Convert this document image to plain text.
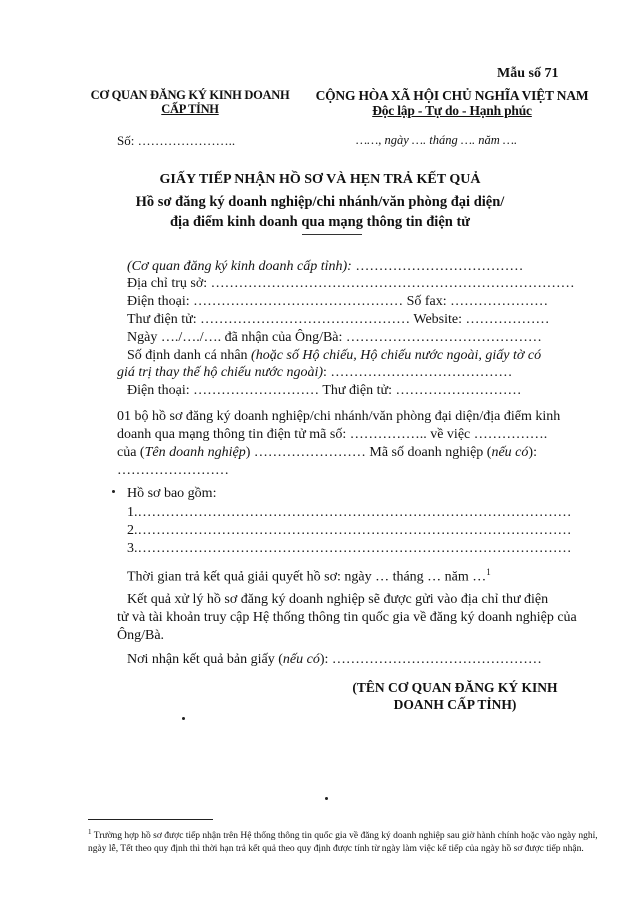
Mẫu số 71
CƠ QUAN ĐĂNG KÝ KINH DOANH
CẤP TỈNH
CỘNG HÒA XÃ HỘI CHỦ NGHĨA VIỆT NAM
Độc lập - Tự do - Hạnh phúc
Số: …………………..	……, ngày …. tháng …. năm ….
GIẤY TIẾP NHẬN HỒ SƠ VÀ HẸN TRẢ KẾT QUẢ
Hồ sơ đăng ký doanh nghiệp/chi nhánh/văn phòng đại diện/
địa điểm kinh doanh qua mạng thông tin điện tử
(Cơ quan đăng ký kinh doanh cấp tỉnh): ………………………………
Địa chỉ trụ sở: ……………………………………………………………………
Điện thoại: ……………………………………… Số fax: …………………
Thư điện tử: ……………………………………… Website: ………………
Ngày …./…./…. đã nhận của Ông/Bà: ……………………………………
Số định danh cá nhân (hoặc số Hộ chiếu, Hộ chiếu nước ngoài, giấy tờ có
giá trị thay thế hộ chiếu nước ngoài): …………………………………
Điện thoại: ……………………… Thư điện tử: ………………………
01 bộ hồ sơ đăng ký doanh nghiệp/chi nhánh/văn phòng đại diện/địa điểm kinh
doanh qua mạng thông tin điện tử mã số: …………….. về việc …………….
của (Tên doanh nghiệp) …………………… Mã số doanh nghiệp (nếu có):
……………………
Hồ sơ bao gồm:
1.…………………………………………………………………………………
2.…………………………………………………………………………………
3.…………………………………………………………………………………
Thời gian trả kết quả giải quyết hồ sơ: ngày … tháng … năm …$^1$
Kết quả xử lý hồ sơ đăng ký doanh nghiệp sẽ được gửi vào địa chỉ thư điện
tử và tài khoản truy cập Hệ thống thông tin quốc gia về đăng ký doanh nghiệp của
Ông/Bà.
Nơi nhận kết quả bản giấy (nếu có): ………………………………………
(TÊN CƠ QUAN ĐĂNG KÝ KINH
DOANH CẤP TỈNH)
$^1$ Trường hợp hồ sơ được tiếp nhận trên Hệ thống thông tin quốc gia về đăng ký doanh nghiệp sau giờ hành chính hoặc vào ngày nghỉ, ngày lễ, Tết theo quy định thì thời hạn trả kết quả theo quy định được tính từ ngày làm việc kế tiếp của ngày hồ sơ được tiếp nhận.
